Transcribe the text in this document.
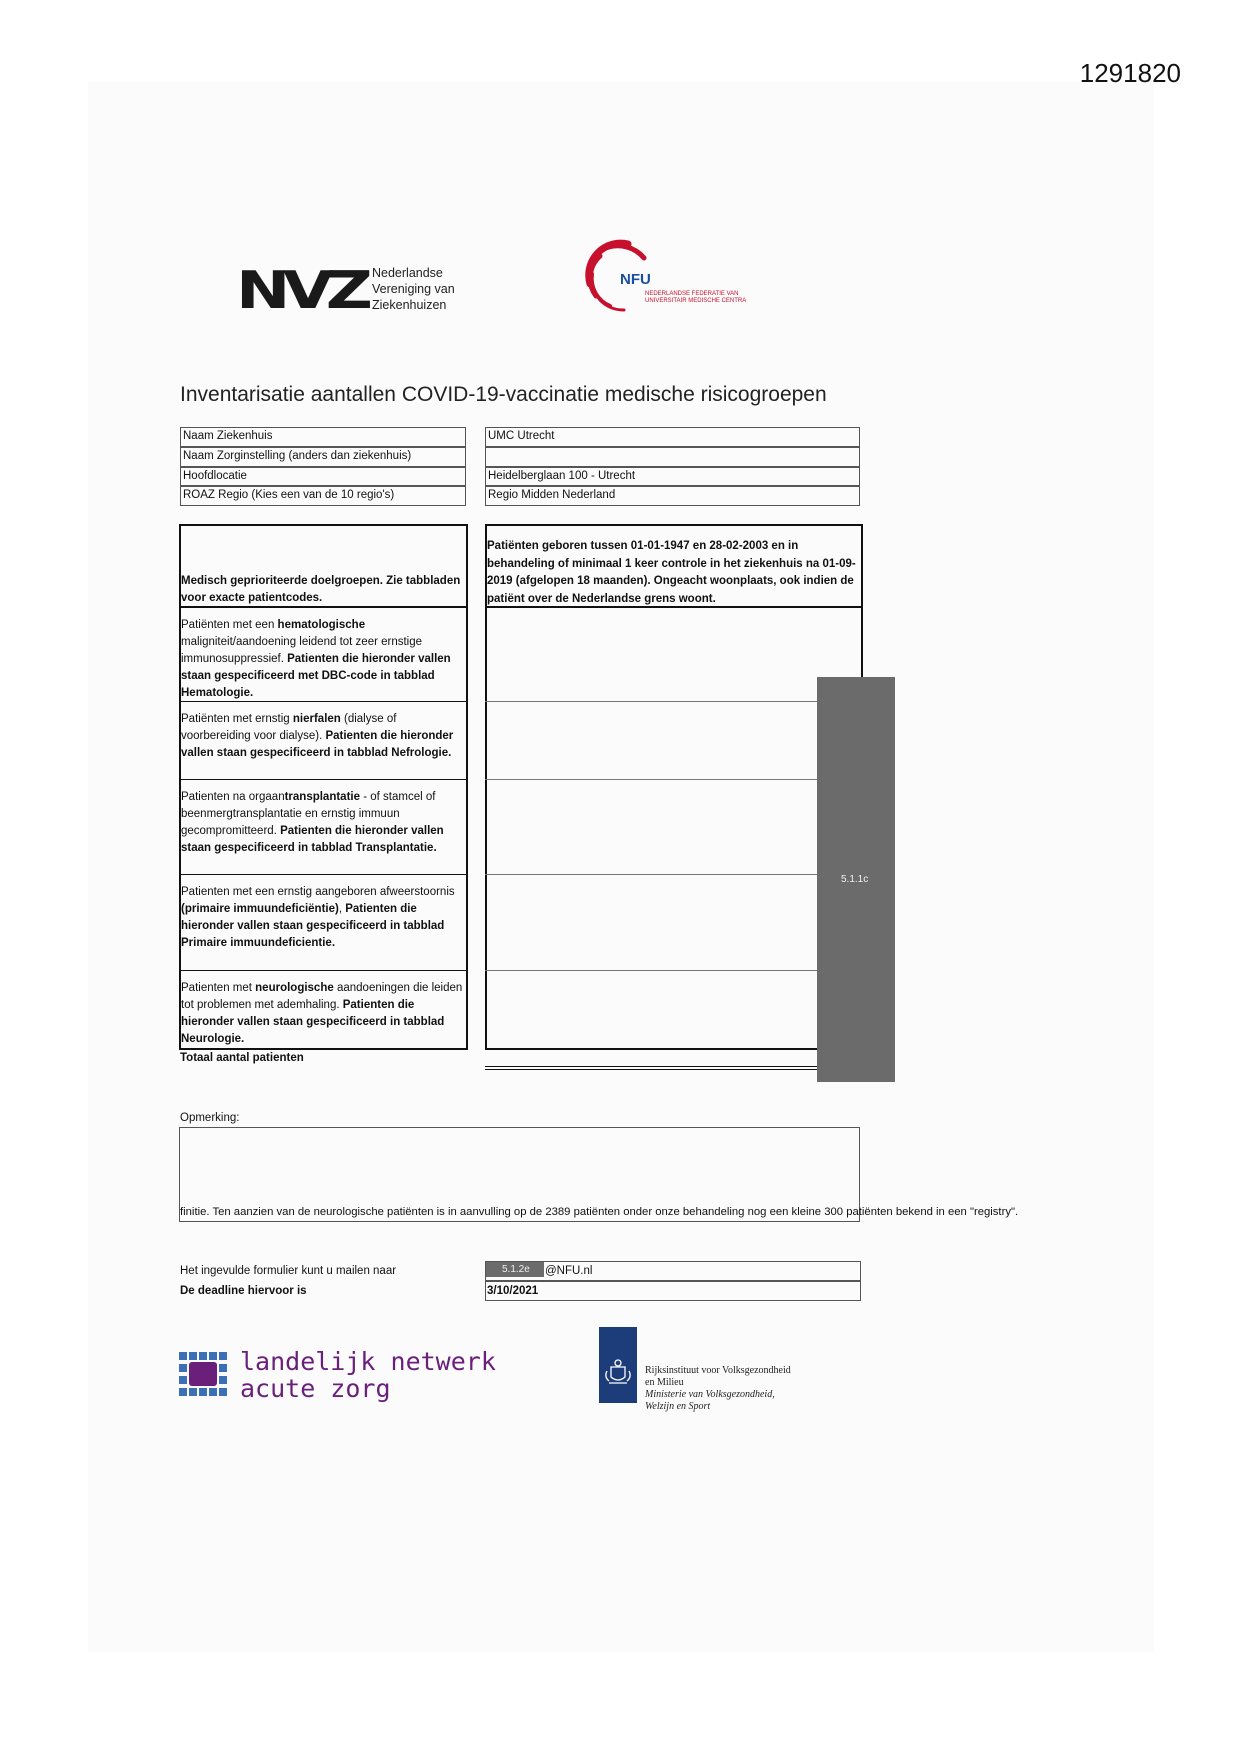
1291820
NVZ Nederlandse
Vereniging van
Ziekenhuizen
NFU
NEDERLANDSE FEDERATIE VAN
UNIVERSITAIR MEDISCHE CENTRA
Inventarisatie aantallen COVID-19-vaccinatie medische risicogroepen
Naam Ziekenhuis
Naam Zorginstelling (anders dan ziekenhuis)
Hoofdlocatie
ROAZ Regio (Kies een van de 10 regio's)
UMC Utrecht
Heidelberglaan 100 - Utrecht
Regio Midden Nederland
Medisch geprioriteerde doelgroepen. Zie tabbladen voor exacte patientcodes.
Patiënten met een hematologische maligniteit/aandoening leidend tot zeer ernstige immunosuppressief. Patienten die hieronder vallen staan gespecificeerd met DBC-code in tabblad Hematologie.
Patiënten met ernstig nierfalen (dialyse of voorbereiding voor dialyse). Patienten die hieronder vallen staan gespecificeerd in tabblad Nefrologie.
Patienten na orgaantransplantatie - of stamcel of beenmergtransplantatie en ernstig immuun gecompromitteerd. Patienten die hieronder vallen staan gespecificeerd in tabblad Transplantatie.
Patienten met een ernstig aangeboren afweerstoornis (primaire immuundeficiëntie), Patienten die hieronder vallen staan gespecificeerd in tabblad Primaire immuundeficientie.
Patienten met neurologische aandoeningen die leiden tot problemen met ademhaling. Patienten die hieronder vallen staan gespecificeerd in tabblad Neurologie.
Totaal aantal patienten
Patiënten geboren tussen 01-01-1947 en 28-02-2003 en in behandeling of minimaal 1 keer controle in het ziekenhuis na 01-09-2019 (afgelopen 18 maanden). Ongeacht woonplaats, ook indien de patiënt over de Nederlandse grens woont.
5.1.1c
Opmerking:
finitie. Ten aanzien van de neurologische patiënten is in aanvulling op de 2389 patiënten onder onze behandeling nog een kleine 300 patiënten bekend in een "registry".
Het ingevulde formulier kunt u mailen naar	5.1.2e @NFU.nl
De deadline hiervoor is	3/10/2021
landelijk netwerk
acute zorg
Rijksinstituut voor Volksgezondheid
en Milieu
Ministerie van Volksgezondheid,
Welzijn en Sport
